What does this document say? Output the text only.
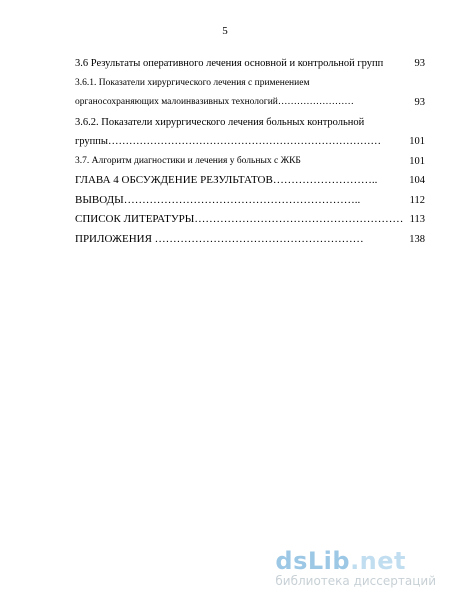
5
3.6 Результаты оперативного лечения основной и контрольной групп	93
3.6.1. Показатели хирургического лечения с применением
органосохраняющих малоинвазивных технологий……………………	93
3.6.2. Показатели хирургического лечения больных контрольной
группы……………………………………………………………………	101
3.7. Алгоритм диагностики и лечения у больных с ЖКБ	101
ГЛАВА 4 ОБСУЖДЕНИЕ РЕЗУЛЬТАТОВ………………………..	104
ВЫВОДЫ………………………………………………………..	112
СПИСОК ЛИТЕРАТУРЫ………………………………………………… 113
ПРИЛОЖЕНИЯ …………………………………………………	138
dsLib.net
библиотека диссертаций
